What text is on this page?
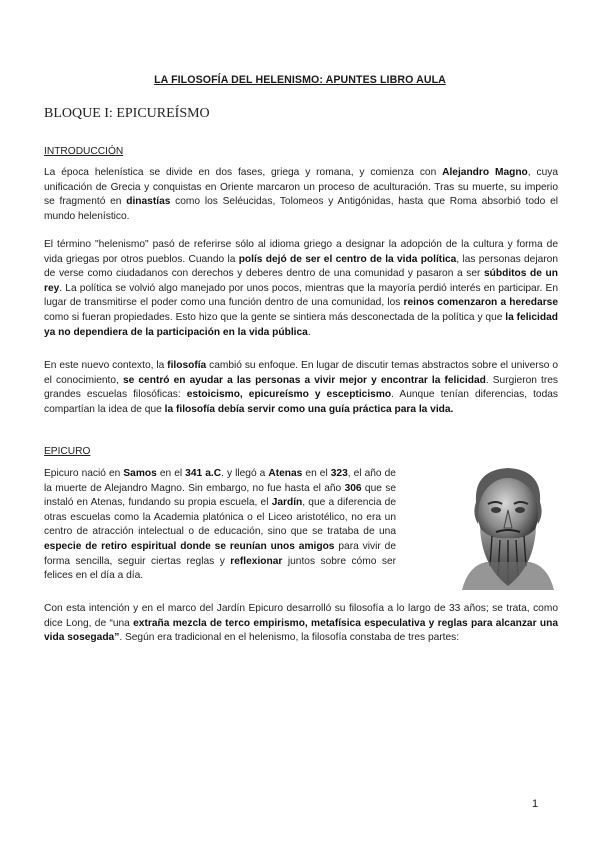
LA FILOSOFÍA DEL HELENISMO: APUNTES LIBRO AULA
BLOQUE I: EPICUREÍSMO
INTRODUCCIÓN
La época helenística se divide en dos fases, griega y romana, y comienza con Alejandro Magno, cuya unificación de Grecia y conquistas en Oriente marcaron un proceso de aculturación. Tras su muerte, su imperio se fragmentó en dinastías como los Seléucidas, Tolomeos y Antigónidas, hasta que Roma absorbió todo el mundo helenístico.
El término "helenismo" pasó de referirse sólo al idioma griego a designar la adopción de la cultura y forma de vida griegas por otros pueblos. Cuando la polís dejó de ser el centro de la vida política, las personas dejaron de verse como ciudadanos con derechos y deberes dentro de una comunidad y pasaron a ser súbditos de un rey. La política se volvió algo manejado por unos pocos, mientras que la mayoría perdió interés en participar. En lugar de transmitirse el poder como una función dentro de una comunidad, los reinos comenzaron a heredarse como si fueran propiedades. Esto hizo que la gente se sintiera más desconectada de la política y que la felicidad ya no dependiera de la participación en la vida pública.
En este nuevo contexto, la filosofía cambió su enfoque. En lugar de discutir temas abstractos sobre el universo o el conocimiento, se centró en ayudar a las personas a vivir mejor y encontrar la felicidad. Surgieron tres grandes escuelas filosóficas: estoicismo, epicureísmo y escepticismo. Aunque tenían diferencias, todas compartían la idea de que la filosofía debía servir como una guía práctica para la vida.
EPICURO
Epicuro nació en Samos en el 341 a.C. y llegó a Atenas en el 323, el año de la muerte de Alejandro Magno. Sin embargo, no fue hasta el año 306 que se instaló en Atenas, fundando su propia escuela, el Jardín, que a diferencia de otras escuelas como la Academia platónica o el Liceo aristotélico, no era un centro de atracción intelectual o de educación, sino que se trataba de una especie de retiro espiritual donde se reunían unos amigos para vivir de forma sencilla, seguir ciertas reglas y reflexionar juntos sobre cómo ser felices en el día a día.
Con esta intención y en el marco del Jardín Epicuro desarrolló su filosofía a lo largo de 33 años; se trata, como dice Long, de “una extraña mezcla de terco empirismo, metafísica especulativa y reglas para alcanzar una vida sosegada”. Según era tradicional en el helenismo, la filosofía constaba de tres partes:
1
